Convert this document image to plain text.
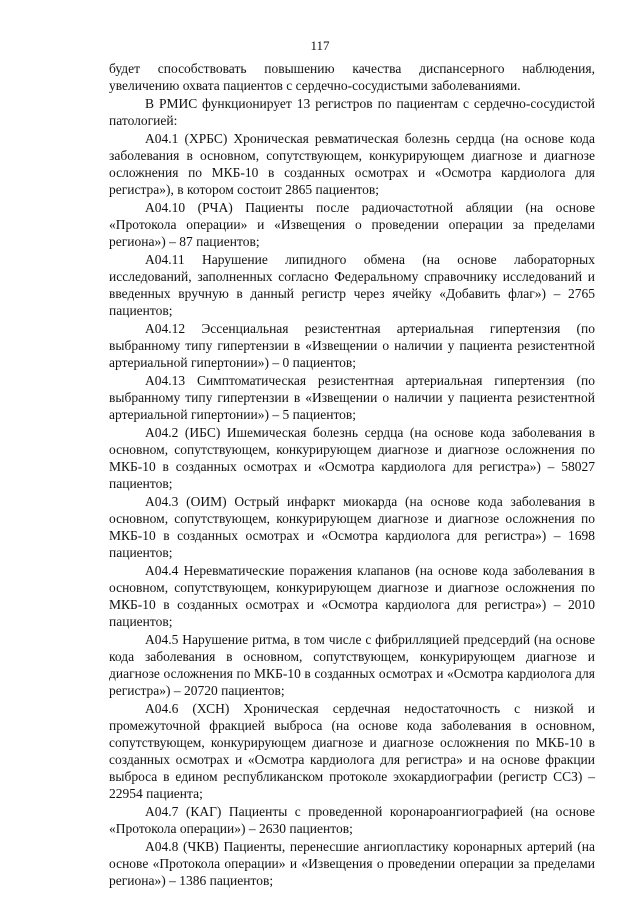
117

будет способствовать повышению качества диспансерного наблюдения, увеличению охвата пациентов с сердечно-сосудистыми заболеваниями.

В РМИС функционирует 13 регистров по пациентам с сердечно-сосудистой патологией:

А04.1 (ХРБС) Хроническая ревматическая болезнь сердца (на основе кода заболевания в основном, сопутствующем, конкурирующем диагнозе и диагнозе осложнения по МКБ-10 в созданных осмотрах и «Осмотра кардиолога для регистра»), в котором состоит 2865 пациентов;

А04.10 (РЧА) Пациенты после радиочастотной абляции (на основе «Протокола операции» и «Извещения о проведении операции за пределами региона») – 87 пациентов;

А04.11 Нарушение липидного обмена (на основе лабораторных исследований, заполненных согласно Федеральному справочнику исследований и введенных вручную в данный регистр через ячейку «Добавить флаг») – 2765 пациентов;

А04.12 Эссенциальная резистентная артериальная гипертензия (по выбранному типу гипертензии в «Извещении о наличии у пациента резистентной артериальной гипертонии») – 0 пациентов;

А04.13 Симптоматическая резистентная артериальная гипертензия (по выбранному типу гипертензии в «Извещении о наличии у пациента резистентной артериальной гипертонии») – 5 пациентов;

А04.2 (ИБС) Ишемическая болезнь сердца (на основе кода заболевания в основном, сопутствующем, конкурирующем диагнозе и диагнозе осложнения по МКБ-10 в созданных осмотрах и «Осмотра кардиолога для регистра») – 58027 пациентов;

А04.3 (ОИМ) Острый инфаркт миокарда (на основе кода заболевания в основном, сопутствующем, конкурирующем диагнозе и диагнозе осложнения по МКБ-10 в созданных осмотрах и «Осмотра кардиолога для регистра») – 1698 пациентов;

А04.4 Неревматические поражения клапанов (на основе кода заболевания в основном, сопутствующем, конкурирующем диагнозе и диагнозе осложнения по МКБ-10 в созданных осмотрах и «Осмотра кардиолога для регистра») – 2010 пациентов;

А04.5 Нарушение ритма, в том числе с фибрилляцией предсердий (на основе кода заболевания в основном, сопутствующем, конкурирующем диагнозе и диагнозе осложнения по МКБ-10 в созданных осмотрах и «Осмотра кардиолога для регистра») – 20720 пациентов;

А04.6 (ХСН) Хроническая сердечная недостаточность с низкой и промежуточной фракцией выброса (на основе кода заболевания в основном, сопутствующем, конкурирующем диагнозе и диагнозе осложнения по МКБ-10 в созданных осмотрах и «Осмотра кардиолога для регистра» и на основе фракции выброса в едином республиканском протоколе эхокардиографии (регистр ССЗ) – 22954 пациента;

А04.7 (КАГ) Пациенты с проведенной коронароангиографией (на основе «Протокола операции») – 2630 пациентов;

А04.8 (ЧКВ) Пациенты, перенесшие ангиопластику коронарных артерий (на основе «Протокола операции» и «Извещения о проведении операции за пределами региона») – 1386 пациентов;
